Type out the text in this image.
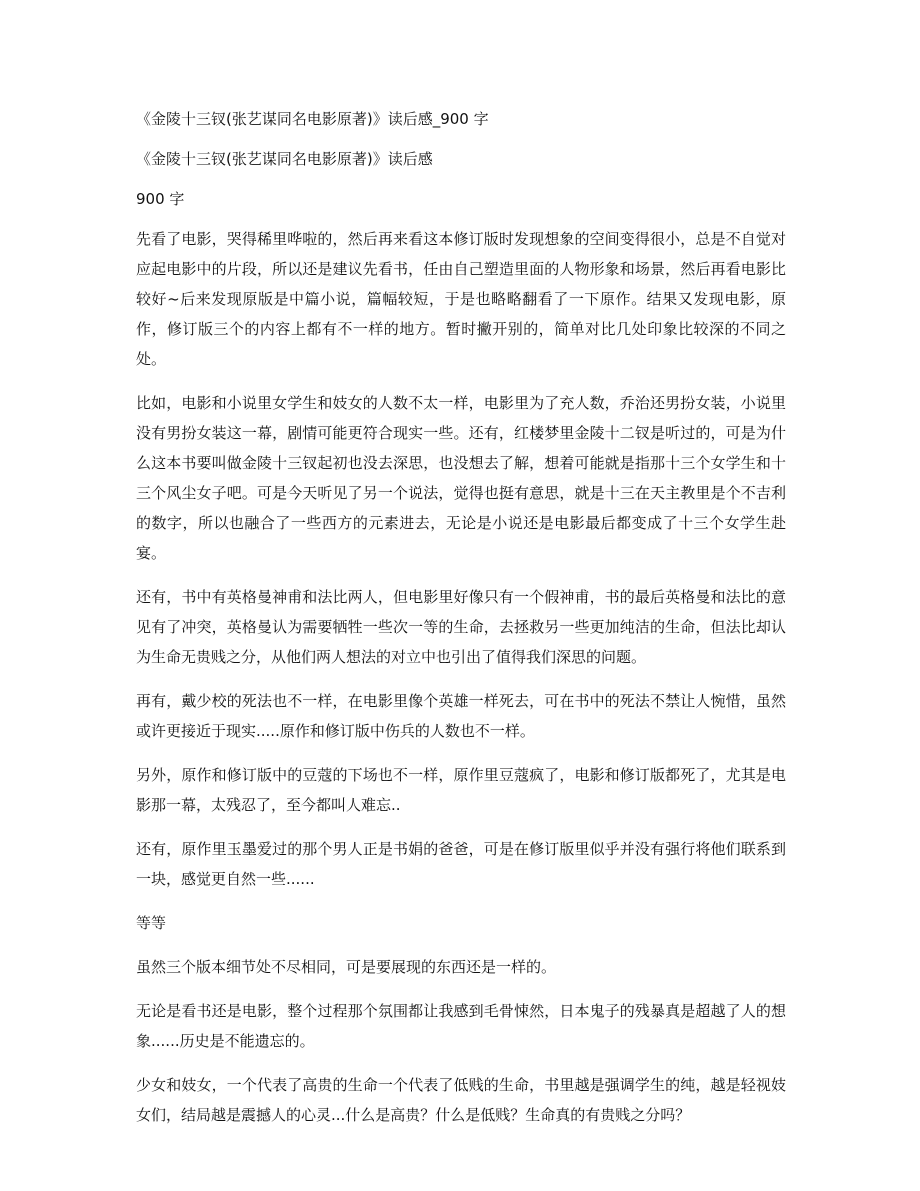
《金陵十三钗(张艺谋同名电影原著)》读后感_900 字
《金陵十三钗(张艺谋同名电影原著)》读后感
900 字

先看了电影，哭得稀里哗啦的，然后再来看这本修订版时发现想象的空间变得很小，总是不自觉对应起电影中的片段，所以还是建议先看书，任由自己塑造里面的人物形象和场景，然后再看电影比较好~后来发现原版是中篇小说，篇幅较短，于是也略略翻看了一下原作。结果又发现电影，原作，修订版三个的内容上都有不一样的地方。暂时撇开别的，简单对比几处印象比较深的不同之处。

比如，电影和小说里女学生和妓女的人数不太一样，电影里为了充人数，乔治还男扮女装，小说里没有男扮女装这一幕，剧情可能更符合现实一些。还有，红楼梦里金陵十二钗是听过的，可是为什么这本书要叫做金陵十三钗起初也没去深思，也没想去了解，想着可能就是指那十三个女学生和十三个风尘女子吧。可是今天听见了另一个说法，觉得也挺有意思，就是十三在天主教里是个不吉利的数字，所以也融合了一些西方的元素进去，无论是小说还是电影最后都变成了十三个女学生赴宴。

还有，书中有英格曼神甫和法比两人，但电影里好像只有一个假神甫，书的最后英格曼和法比的意见有了冲突，英格曼认为需要牺牲一些次一等的生命，去拯救另一些更加纯洁的生命，但法比却认为生命无贵贱之分，从他们两人想法的对立中也引出了值得我们深思的问题。

再有，戴少校的死法也不一样，在电影里像个英雄一样死去，可在书中的死法不禁让人惋惜，虽然或许更接近于现实.....原作和修订版中伤兵的人数也不一样。

另外，原作和修订版中的豆蔻的下场也不一样，原作里豆蔻疯了，电影和修订版都死了，尤其是电影那一幕，太残忍了，至今都叫人难忘..

还有，原作里玉墨爱过的那个男人正是书娟的爸爸，可是在修订版里似乎并没有强行将他们联系到一块，感觉更自然一些......

等等

虽然三个版本细节处不尽相同，可是要展现的东西还是一样的。

无论是看书还是电影，整个过程那个氛围都让我感到毛骨悚然，日本鬼子的残暴真是超越了人的想象......历史是不能遗忘的。

少女和妓女，一个代表了高贵的生命一个代表了低贱的生命，书里越是强调学生的纯，越是轻视妓女们，结局越是震撼人的心灵...什么是高贵？什么是低贱？生命真的有贵贱之分吗？
